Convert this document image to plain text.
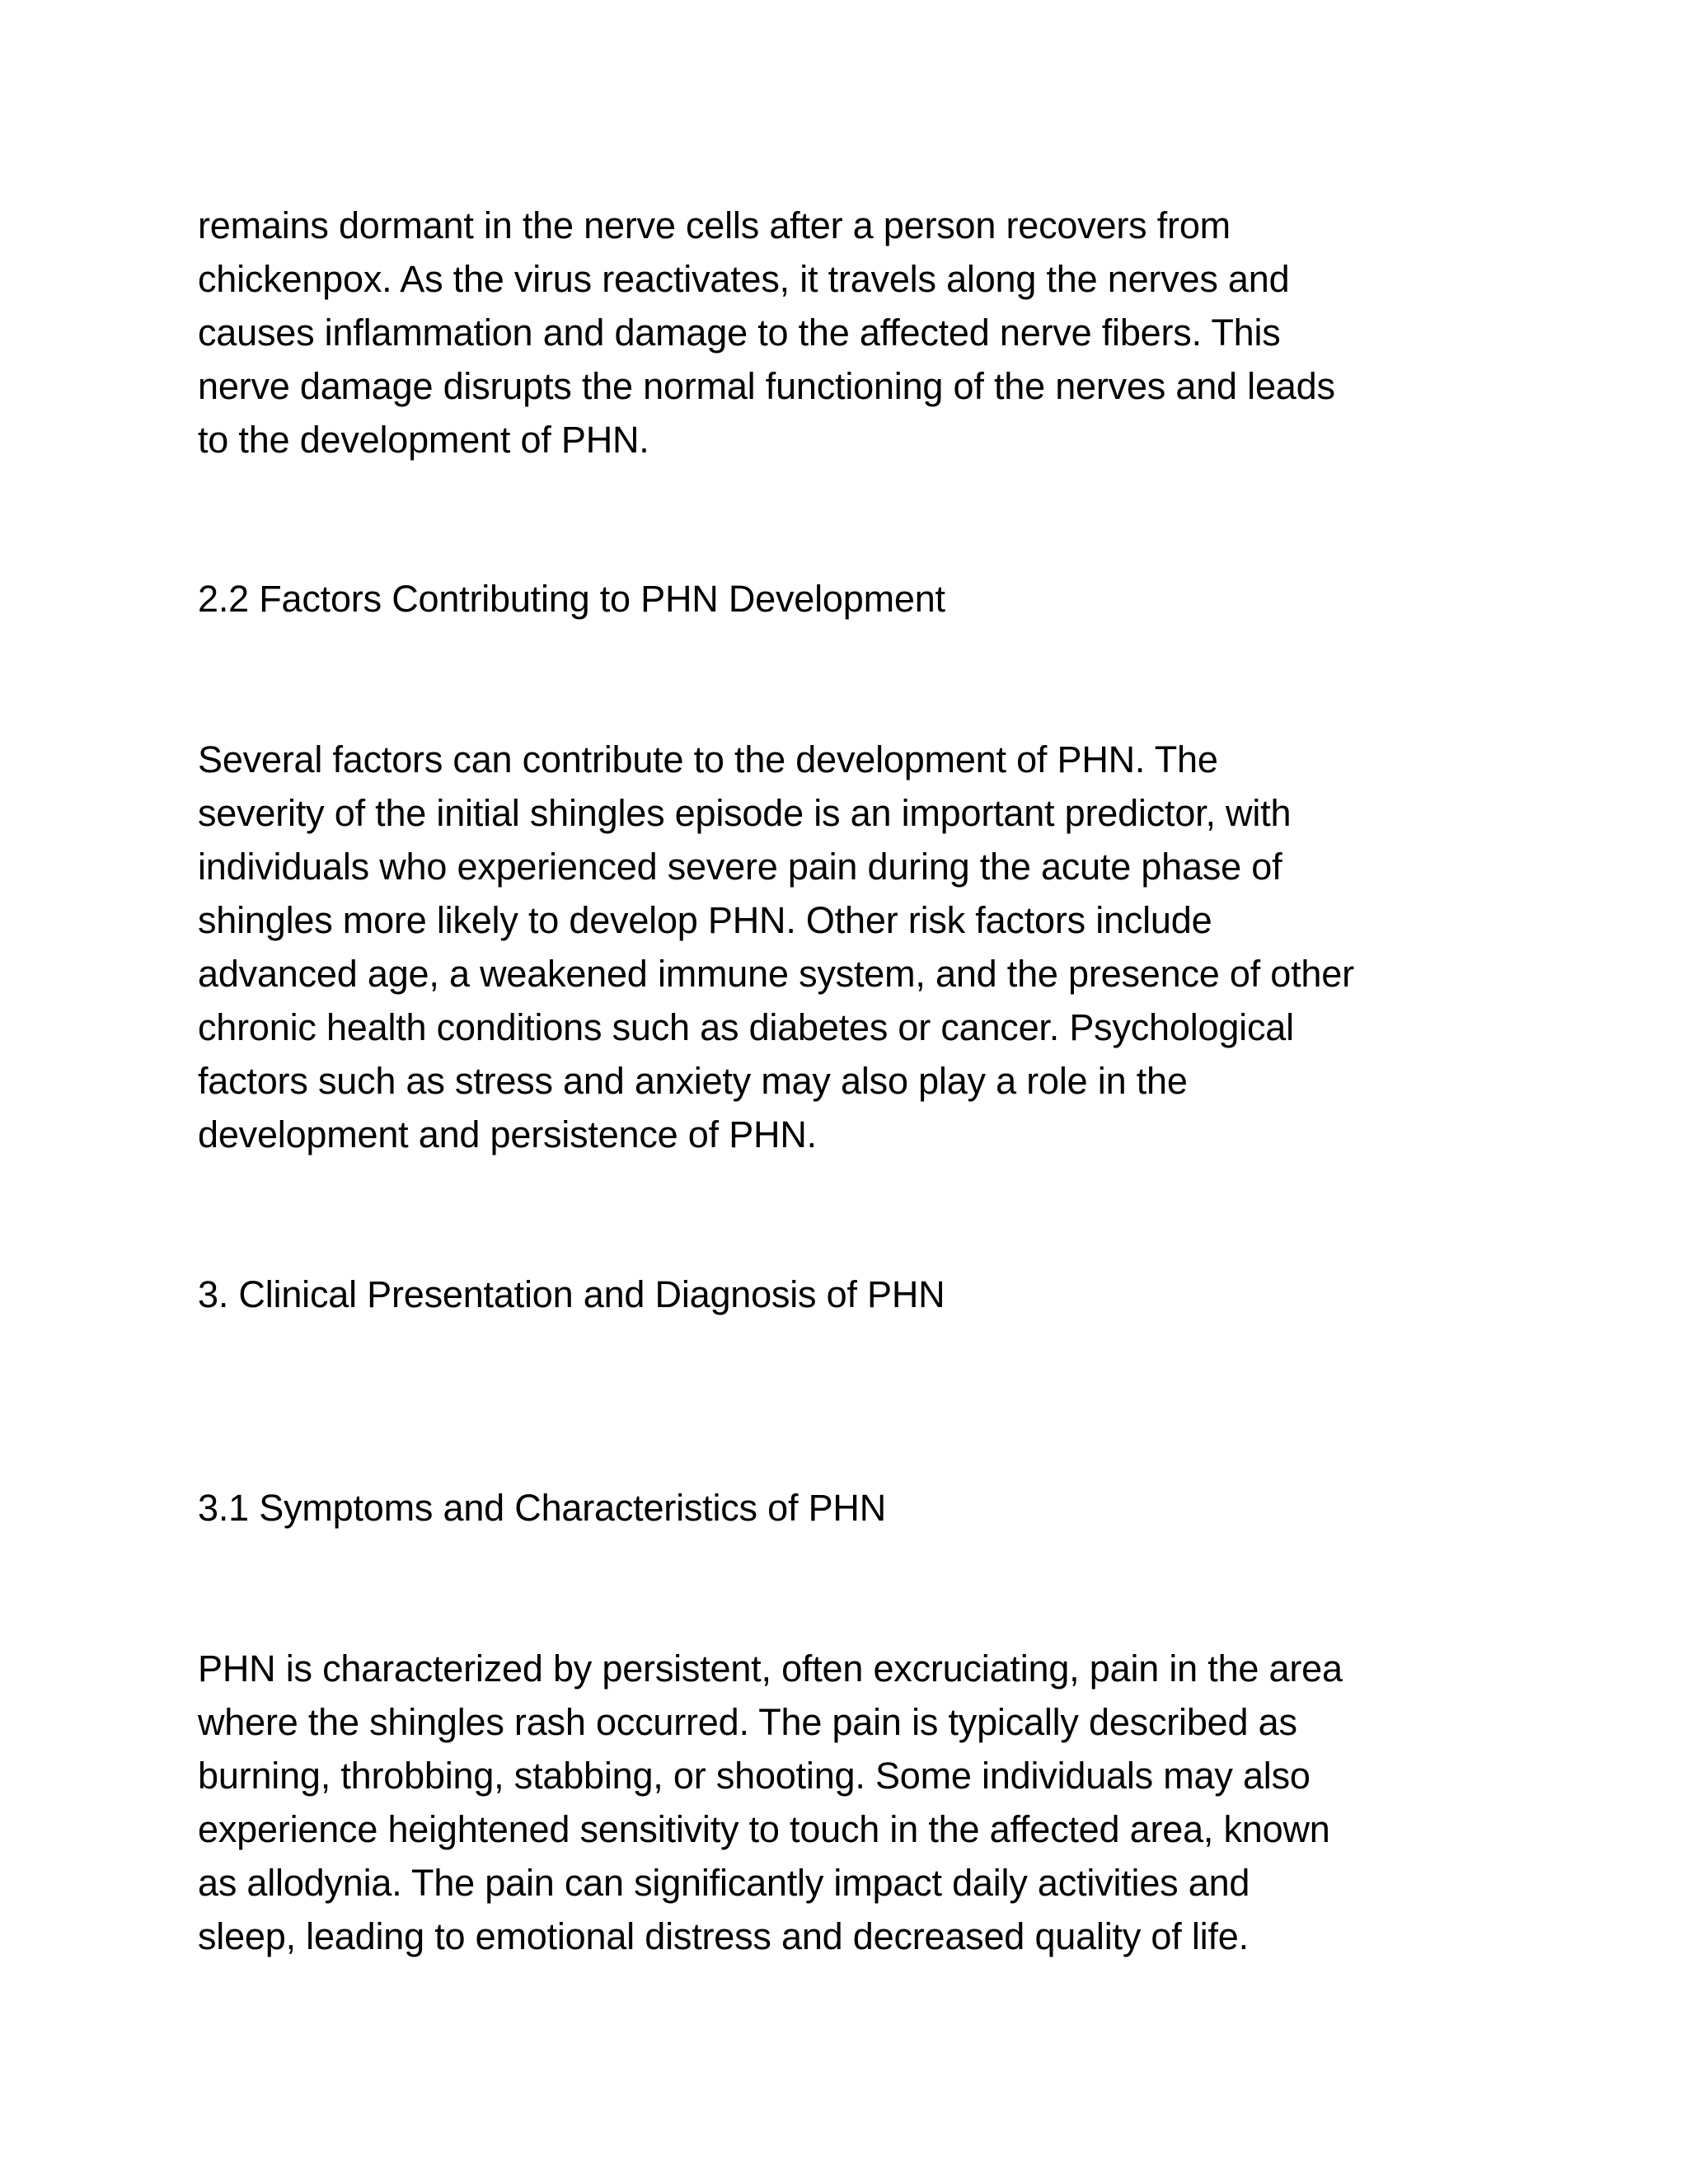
remains dormant in the nerve cells after a person recovers from
chickenpox. As the virus reactivates, it travels along the nerves and
causes inflammation and damage to the affected nerve fibers. This
nerve damage disrupts the normal functioning of the nerves and leads
to the development of PHN.

2.2 Factors Contributing to PHN Development

Several factors can contribute to the development of PHN. The
severity of the initial shingles episode is an important predictor, with
individuals who experienced severe pain during the acute phase of
shingles more likely to develop PHN. Other risk factors include
advanced age, a weakened immune system, and the presence of other
chronic health conditions such as diabetes or cancer. Psychological
factors such as stress and anxiety may also play a role in the
development and persistence of PHN.

3. Clinical Presentation and Diagnosis of PHN
3.1 Symptoms and Characteristics of PHN

PHN is characterized by persistent, often excruciating, pain in the area
where the shingles rash occurred. The pain is typically described as
burning, throbbing, stabbing, or shooting. Some individuals may also
experience heightened sensitivity to touch in the affected area, known
as allodynia. The pain can significantly impact daily activities and
sleep, leading to emotional distress and decreased quality of life.
